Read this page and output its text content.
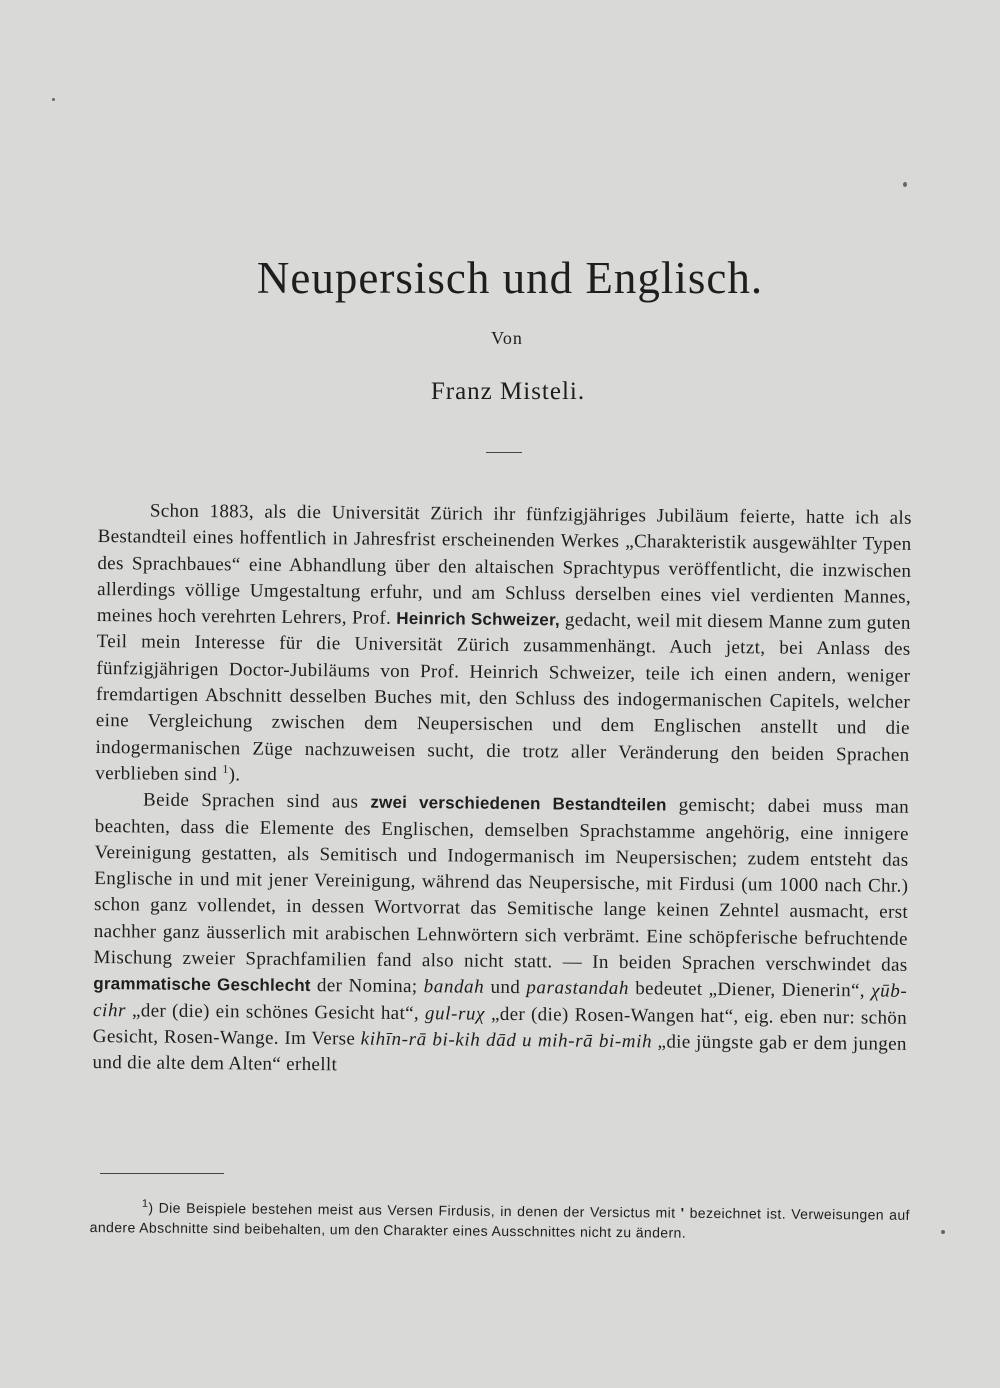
Neupersisch und Englisch.
Von
Franz Misteli.

Schon 1883, als die Universität Zürich ihr fünfzigjähriges Jubiläum feierte, hatte ich als Bestandteil eines hoffentlich in Jahresfrist erscheinenden Werkes „Charakteristik ausgewählter Typen des Sprachbaues“ eine Abhandlung über den altaischen Sprachtypus veröffentlicht, die inzwischen allerdings völlige Umgestaltung erfuhr, und am Schluss derselben eines viel verdienten Mannes, meines hoch verehrten Lehrers, Prof. Heinrich Schweizer, gedacht, weil mit diesem Manne zum guten Teil mein Interesse für die Universität Zürich zusammenhängt. Auch jetzt, bei Anlass des fünfzigjährigen Doctor-Jubiläums von Prof. Heinrich Schweizer, teile ich einen andern, weniger fremdartigen Abschnitt desselben Buches mit, den Schluss des indogermanischen Capitels, welcher eine Vergleichung zwischen dem Neupersischen und dem Englischen anstellt und die indogermanischen Züge nachzuweisen sucht, die trotz aller Veränderung den beiden Sprachen verblieben sind $^1$).

Beide Sprachen sind aus zwei verschiedenen Bestandteilen gemischt; dabei muss man beachten, dass die Elemente des Englischen, demselben Sprachstamme angehörig, eine innigere Vereinigung gestatten, als Semitisch und Indogermanisch im Neupersischen; zudem entsteht das Englische in und mit jener Vereinigung, während das Neupersische, mit Firdusi (um 1000 nach Chr.) schon ganz vollendet, in dessen Wortvorrat das Semitische lange keinen Zehntel ausmacht, erst nachher ganz äusserlich mit arabischen Lehnwörtern sich verbrämt. Eine schöpferische befruchtende Mischung zweier Sprachfamilien fand also nicht statt. — In beiden Sprachen verschwindet das grammatische Geschlecht der Nomina; bandah und parastandah bedeutet „Diener, Dienerin“, χūb-cihr „der (die) ein schönes Gesicht hat“, gul-ruχ „der (die) Rosen-Wangen hat“, eig. eben nur: schön Gesicht, Rosen-Wange. Im Verse kihīn-rā bi-kih dād u mih-rā bi-mih „die jüngste gab er dem jungen und die alte dem Alten“ erhellt

$^1$) Die Beispiele bestehen meist aus Versen Firdusis, in denen der Versictus mit ʹ bezeichnet ist. Verweisungen auf andere Abschnitte sind beibehalten, um den Charakter eines Ausschnittes nicht zu ändern.
